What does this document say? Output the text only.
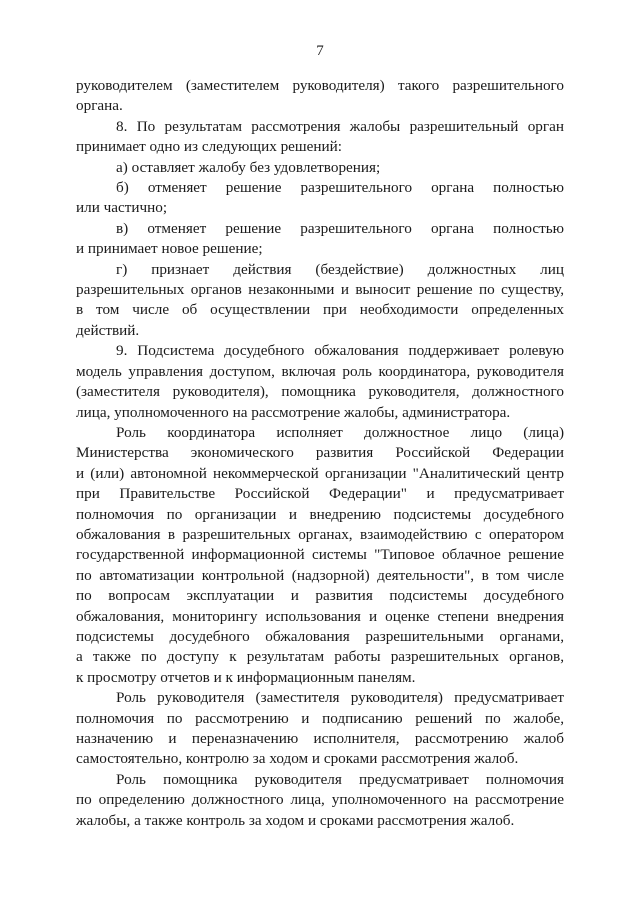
7

руководителем (заместителем руководителя) такого разрешительного
органа.

8. По результатам рассмотрения жалобы разрешительный орган
принимает одно из следующих решений:

а) оставляет жалобу без удовлетворения;

б) отменяет решение разрешительного органа полностью
или частично;

в) отменяет решение разрешительного органа полностью
и принимает новое решение;

г) признает действия (бездействие) должностных лиц
разрешительных органов незаконными и выносит решение по существу,
в том числе об осуществлении при необходимости определенных
действий.

9. Подсистема досудебного обжалования поддерживает ролевую
модель управления доступом, включая роль координатора, руководителя
(заместителя руководителя), помощника руководителя, должностного
лица, уполномоченного на рассмотрение жалобы, администратора.

Роль координатора исполняет должностное лицо (лица)
Министерства экономического развития Российской Федерации
и (или) автономной некоммерческой организации "Аналитический центр
при Правительстве Российской Федерации" и предусматривает
полномочия по организации и внедрению подсистемы досудебного
обжалования в разрешительных органах, взаимодействию с оператором
государственной информационной системы "Типовое облачное решение
по автоматизации контрольной (надзорной) деятельности", в том числе
по вопросам эксплуатации и развития подсистемы досудебного
обжалования, мониторингу использования и оценке степени внедрения
подсистемы досудебного обжалования разрешительными органами,
а также по доступу к результатам работы разрешительных органов,
к просмотру отчетов и к информационным панелям.

Роль руководителя (заместителя руководителя) предусматривает
полномочия по рассмотрению и подписанию решений по жалобе,
назначению и переназначению исполнителя, рассмотрению жалоб
самостоятельно, контролю за ходом и сроками рассмотрения жалоб.

Роль помощника руководителя предусматривает полномочия
по определению должностного лица, уполномоченного на рассмотрение
жалобы, а также контроль за ходом и сроками рассмотрения жалоб.
